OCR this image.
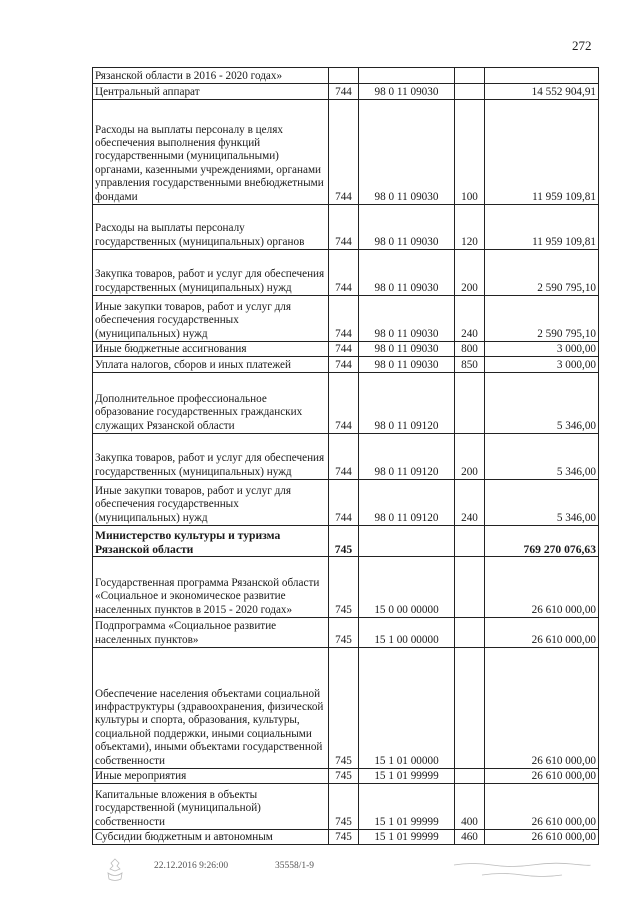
272
Рязанской области в 2016 - 2020 годах»				
Центральный аппарат	744	98 0 11 09030		14 552 904,91
Расходы на выплаты персоналу в целях обеспечения выполнения функций государственными (муниципальными) органами, казенными учреждениями, органами управления государственными внебюджетными фондами	744	98 0 11 09030	100	11 959 109,81
Расходы на выплаты персоналу государственных (муниципальных) органов	744	98 0 11 09030	120	11 959 109,81
Закупка товаров, работ и услуг для обеспечения государственных (муниципальных) нужд	744	98 0 11 09030	200	2 590 795,10
Иные закупки товаров, работ и услуг для обеспечения государственных (муниципальных) нужд	744	98 0 11 09030	240	2 590 795,10
Иные бюджетные ассигнования	744	98 0 11 09030	800	3 000,00
Уплата налогов, сборов и иных платежей	744	98 0 11 09030	850	3 000,00
Дополнительное профессиональное образование государственных гражданских служащих Рязанской области	744	98 0 11 09120		5 346,00
Закупка товаров, работ и услуг для обеспечения государственных (муниципальных) нужд	744	98 0 11 09120	200	5 346,00
Иные закупки товаров, работ и услуг для обеспечения государственных (муниципальных) нужд	744	98 0 11 09120	240	5 346,00
Министерство культуры и туризма Рязанской области	745			769 270 076,63
Государственная программа Рязанской области «Социальное и экономическое развитие населенных пунктов в 2015 - 2020 годах»	745	15 0 00 00000		26 610 000,00
Подпрограмма «Социальное развитие населенных пунктов»	745	15 1 00 00000		26 610 000,00
Обеспечение населения объектами социальной инфраструктуры (здравоохранения, физической культуры и спорта, образования, культуры, социальной поддержки, иными социальными объектами), иными объектами государственной собственности	745	15 1 01 00000		26 610 000,00
Иные мероприятия	745	15 1 01 99999		26 610 000,00
Капитальные вложения в объекты государственной (муниципальной) собственности	745	15 1 01 99999	400	26 610 000,00
Субсидии бюджетным и автономным	745	15 1 01 99999	460	26 610 000,00
22.12.2016 9:26:00	35558/1-9
